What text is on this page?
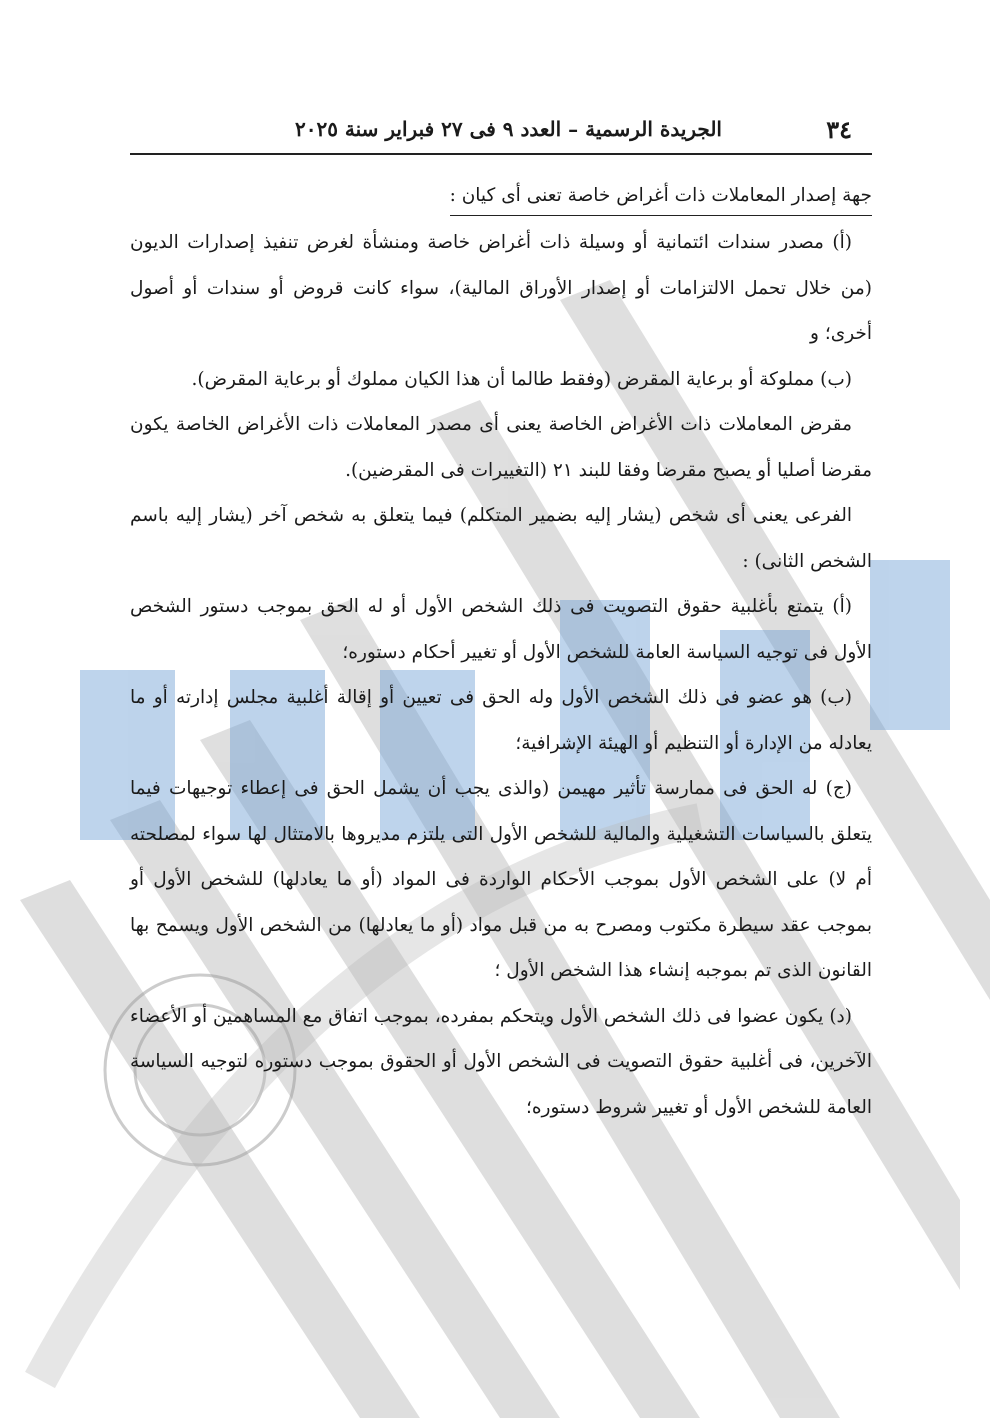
٣٤
الجريدة الرسمية – العدد ٩ فى ٢٧ فبراير سنة ٢٠٢٥

جهة إصدار المعاملات ذات أغراض خاصة تعنى أى كيان :

(أ) مصدر سندات ائتمانية أو وسيلة ذات أغراض خاصة ومنشأة لغرض تنفيذ إصدارات الديون (من خلال تحمل الالتزامات أو إصدار الأوراق المالية)، سواء كانت قروض أو سندات أو أصول أخرى؛ و

(ب) مملوكة أو برعاية المقرض (وفقط طالما أن هذا الكيان مملوك أو برعاية المقرض).

مقرض المعاملات ذات الأغراض الخاصة يعنى أى مصدر المعاملات ذات الأغراض الخاصة يكون مقرضا أصليا أو يصبح مقرضا وفقا للبند ٢١ (التغييرات فى المقرضين).

الفرعى يعنى أى شخص (يشار إليه بضمير المتكلم) فيما يتعلق به شخص آخر (يشار إليه باسم الشخص الثانى) :

(أ) يتمتع بأغلبية حقوق التصويت فى ذلك الشخص الأول أو له الحق بموجب دستور الشخص الأول فى توجيه السياسة العامة للشخص الأول أو تغيير أحكام دستوره؛

(ب) هو عضو فى ذلك الشخص الأول وله الحق فى تعيين أو إقالة أغلبية مجلس إدارته أو ما يعادله من الإدارة أو التنظيم أو الهيئة الإشرافية؛

(ج) له الحق فى ممارسة تأثير مهيمن (والذى يجب أن يشمل الحق فى إعطاء توجيهات فيما يتعلق بالسياسات التشغيلية والمالية للشخص الأول التى يلتزم مديروها بالامتثال لها سواء لمصلحته أم لا) على الشخص الأول بموجب الأحكام الواردة فى المواد (أو ما يعادلها) للشخص الأول أو بموجب عقد سيطرة مكتوب ومصرح به من قبل مواد (أو ما يعادلها) من الشخص الأول ويسمح بها القانون الذى تم بموجبه إنشاء هذا الشخص الأول ؛

(د) يكون عضوا فى ذلك الشخص الأول ويتحكم بمفرده، بموجب اتفاق مع المساهمين أو الأعضاء الآخرين، فى أغلبية حقوق التصويت فى الشخص الأول أو الحقوق بموجب دستوره لتوجيه السياسة العامة للشخص الأول أو تغيير شروط دستوره؛
